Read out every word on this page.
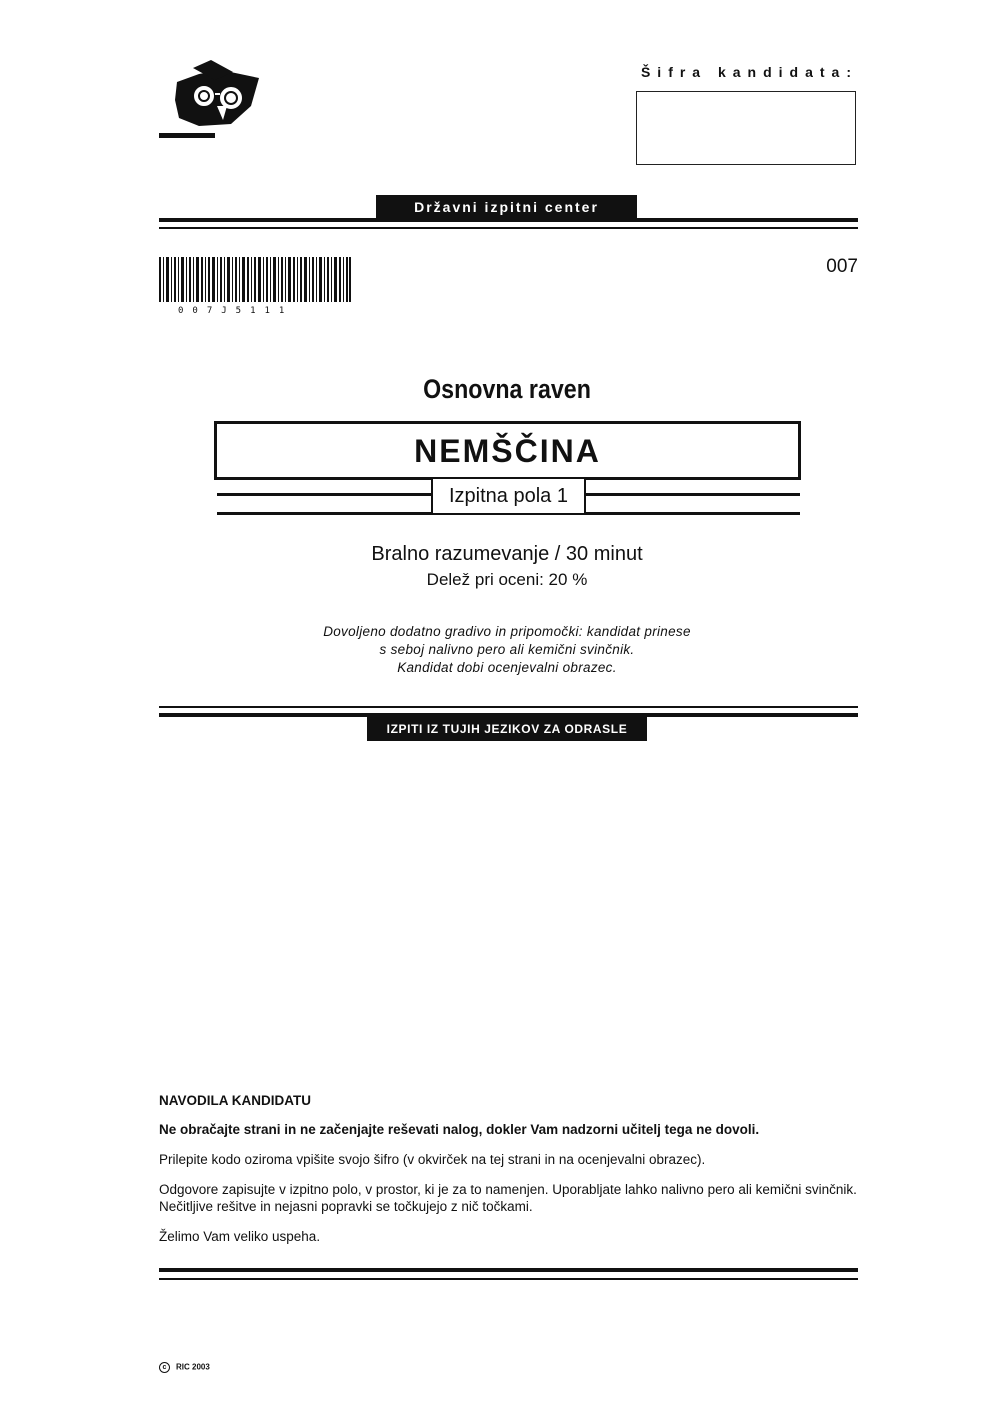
Šifra kandidata:
Državni izpitni center
007J5111
007
Osnovna raven
NEMŠČINA
Izpitna pola 1
Bralno razumevanje / 30 minut
Delež pri oceni: 20 %
Dovoljeno dodatno gradivo in pripomočki: kandidat prinese
s seboj nalivno pero ali kemični svinčnik.
Kandidat dobi ocenjevalni obrazec.
IZPITI IZ TUJIH JEZIKOV ZA ODRASLE

NAVODILA KANDIDATU

Ne obračajte strani in ne začenjajte reševati nalog, dokler Vam nadzorni učitelj tega ne dovoli.

Prilepite kodo oziroma vpišite svojo šifro (v okvirček na tej strani in na ocenjevalni obrazec).

Odgovore zapisujte v izpitno polo, v prostor, ki je za to namenjen. Uporabljate lahko nalivno pero ali kemični svinčnik. Nečitljive rešitve in nejasni popravki se točkujejo z nič točkami.

Želimo Vam veliko uspeha.

c RIC 2003
